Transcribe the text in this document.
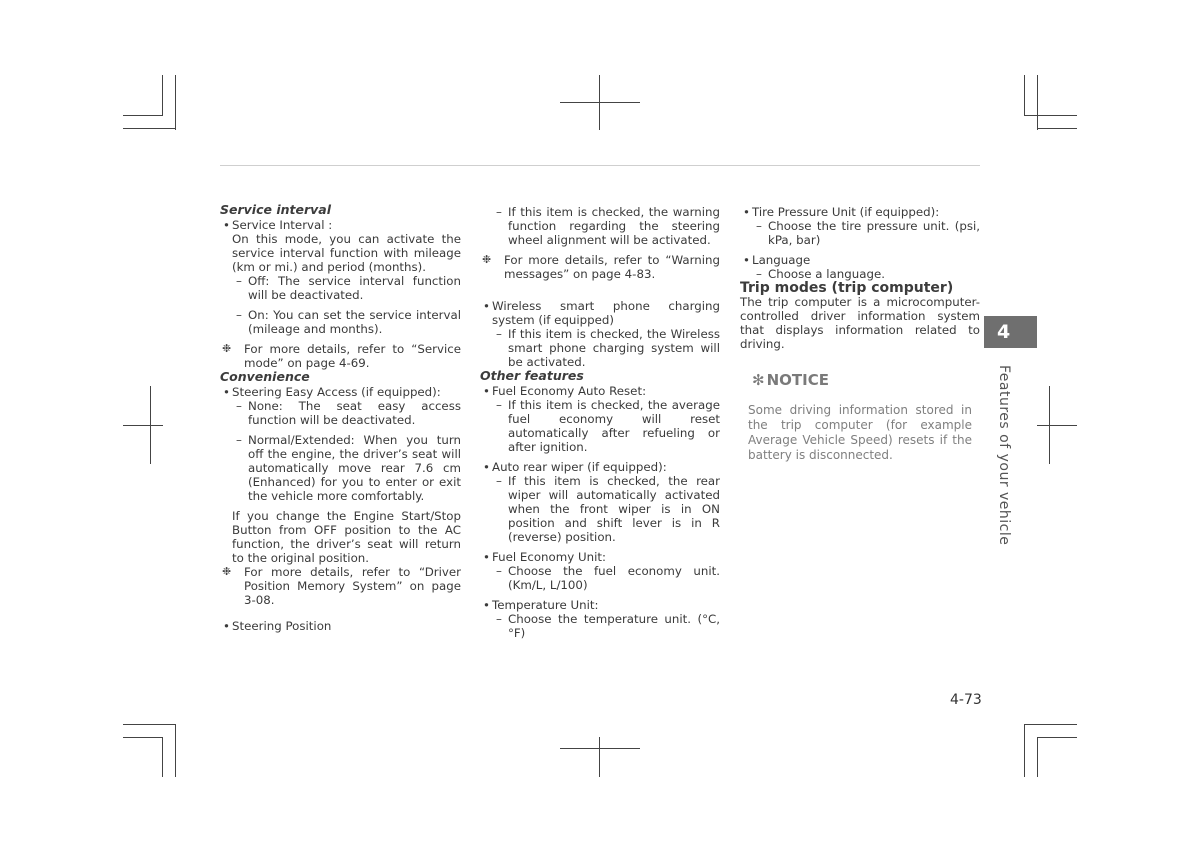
Service interval
• Service Interval :
On this mode, you can activate the service interval function with mileage (km or mi.) and period (months).
– Off: The service interval function will be deactivated.
– On: You can set the service interval (mileage and months).
❉ For more details, refer to “Service mode” on page 4-69.
Convenience
• Steering Easy Access (if equipped):
– None: The seat easy access function will be deactivated.
– Normal/Extended: When you turn off the engine, the driver’s seat will automatically move rear 7.6 cm (Enhanced) for you to enter or exit the vehicle more comfortably.
If you change the Engine Start/Stop Button from OFF position to the AC function, the driver’s seat will return to the original position.
❉ For more details, refer to “Driver Position Memory System” on page 3-08.
• Steering Position
– If this item is checked, the warning function regarding the steering wheel alignment will be activated.
❉ For more details, refer to “Warning messages” on page 4-83.
• Wireless smart phone charging system (if equipped)
– If this item is checked, the Wireless smart phone charging system will be activated.
Other features
• Fuel Economy Auto Reset:
– If this item is checked, the average fuel economy will reset automatically after refueling or after ignition.
• Auto rear wiper (if equipped):
– If this item is checked, the rear wiper will automatically activated when the front wiper is in ON position and shift lever is in R (reverse) position.
• Fuel Economy Unit:
– Choose the fuel economy unit. (Km/L, L/100)
• Temperature Unit:
– Choose the temperature unit. (°C, °F)
• Tire Pressure Unit (if equipped):
– Choose the tire pressure unit. (psi, kPa, bar)
• Language
– Choose a language.
Trip modes (trip computer)
The trip computer is a microcomputer-controlled driver information system that displays information related to driving.
✻ NOTICE
Some driving information stored in the trip computer (for example Average Vehicle Speed) resets if the battery is disconnected.
4
Features of your vehicle
4-73
